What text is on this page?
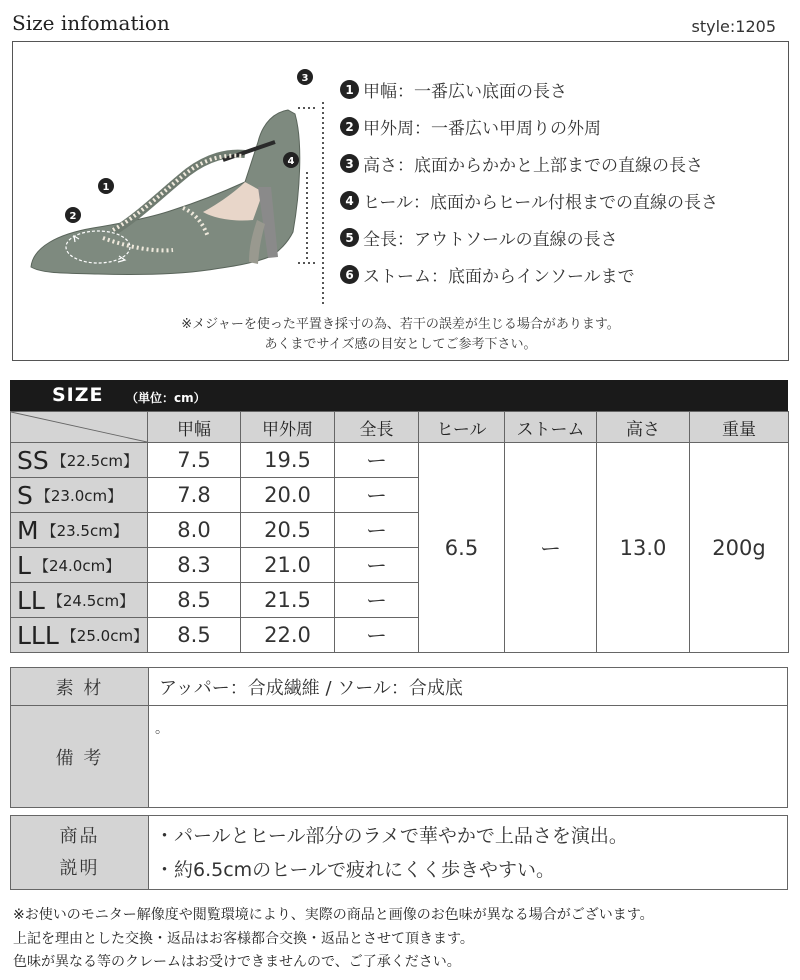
Size infomation	style:1205
3
4
1
2
1 甲幅：一番広い底面の長さ
2 甲外周：一番広い甲周りの外周
3 高さ：底面からかかと上部までの直線の長さ
4 ヒール：底面からヒール付根までの直線の長さ
5 全長：アウトソールの直線の長さ
6 ストーム：底面からインソールまで
※メジャーを使った平置き採寸の為、若干の誤差が生じる場合があります。
あくまでサイズ感の目安としてご参考下さい。
SIZE （単位：cm）
	甲幅	甲外周	全長	ヒール	ストーム	高さ	重量
SS 【22.5cm】	7.5	19.5	ー	6.5	ー	13.0	200g
S 【23.0cm】	7.8	20.0	ー				
M 【23.5cm】	8.0	20.5	ー				
L 【24.0cm】	8.3	21.0	ー				
LL 【24.5cm】	8.5	21.5	ー				
LLL 【25.0cm】	8.5	22.0	ー				
素 材	アッパー：合成繊維 / ソール：合成底
備 考	。
商品
説明

・パールとヒール部分のラメで華やかで上品さを演出。
・約6.5cmのヒールで疲れにくく歩きやすい。
※お使いのモニター解像度や閲覧環境により、実際の商品と画像のお色味が異なる場合がございます。
上記を理由とした交換・返品はお客様都合交換・返品とさせて頂きます。
色味が異なる等のクレームはお受けできませんので、ご了承ください。
